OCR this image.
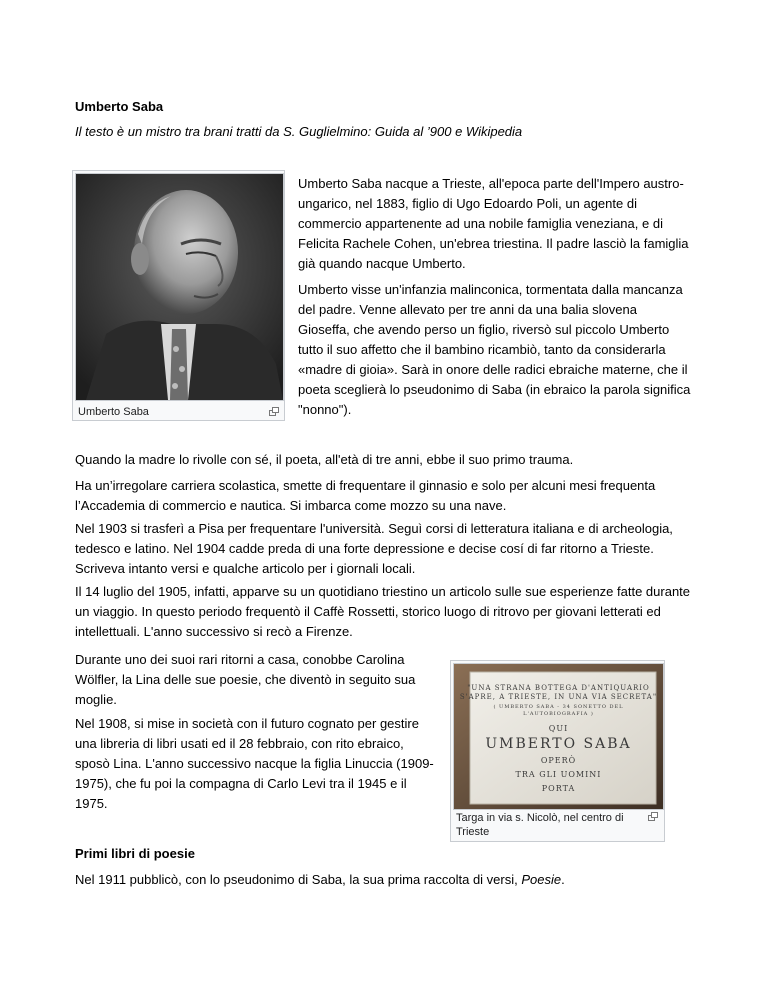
Umberto Saba

Il testo è un mistro tra brani tratti da S. Guglielmino: Guida al ’900 e Wikipedia

Umberto Saba

Umberto Saba nacque a Trieste, all'epoca parte dell'Impero austro- ungarico, nel 1883, figlio di Ugo Edoardo Poli, un agente di commercio appartenente ad una nobile famiglia veneziana, e di Felicita Rachele Cohen, un'ebrea triestina. Il padre lasciò la famiglia già quando nacque Umberto.

Umberto visse un'infanzia malinconica, tormentata dalla mancanza del padre. Venne allevato per tre anni da una balia slovena Gioseffa, che avendo perso un figlio, riversò sul piccolo Umberto tutto il suo affetto che il bambino ricambiò, tanto da considerarla «madre di gioia». Sarà in onore delle radici ebraiche materne, che il poeta sceglierà lo pseudonimo di Saba (in ebraico la parola significa "nonno").

Quando la madre lo rivolle con sé, il poeta, all'età di tre anni, ebbe il suo primo trauma.

Ha un’irregolare carriera scolastica, smette di frequentare il ginnasio e solo per alcuni mesi frequenta l’Accademia di commercio e nautica. Si imbarca come mozzo su una nave.

Nel 1903 si trasferì a Pisa per frequentare l'università. Seguì corsi di letteratura italiana e di archeologia, tedesco e latino. Nel 1904 cadde preda di una forte depressione e decise cosí di far ritorno a Trieste. Scriveva intanto versi e qualche articolo per i giornali locali.

Il 14 luglio del 1905, infatti, apparve su un quotidiano triestino un articolo sulle sue esperienze fatte durante un viaggio. In questo periodo frequentò il Caffè Rossetti, storico luogo di ritrovo per giovani letterati ed intellettuali. L'anno successivo si recò a Firenze.

Durante uno dei suoi rari ritorni a casa, conobbe Carolina Wölfler, la Lina delle sue poesie, che diventò in seguito sua moglie.

Nel 1908, si mise in società con il futuro cognato per gestire una libreria di libri usati ed il 28 febbraio, con rito ebraico, sposò Lina. L'anno successivo nacque la figlia Linuccia (1909-1975), che fu poi la compagna di Carlo Levi tra il 1945 e il 1975.

"UNA STRANA BOTTEGA D'ANTIQUARIO
S'APRE, A TRIESTE, IN UNA VIA SECRETA"
( UMBERTO SABA - 34 SONETTO DEL
L'AUTOBIOGRAFIA )
QUI
UMBERTO SABA
OPERÒ
TRA GLI UOMINI
PORTA
Targa in via s. Nicolò, nel centro di Trieste

Primi libri di poesie

Nel 1911 pubblicò, con lo pseudonimo di Saba, la sua prima raccolta di versi, Poesie.
